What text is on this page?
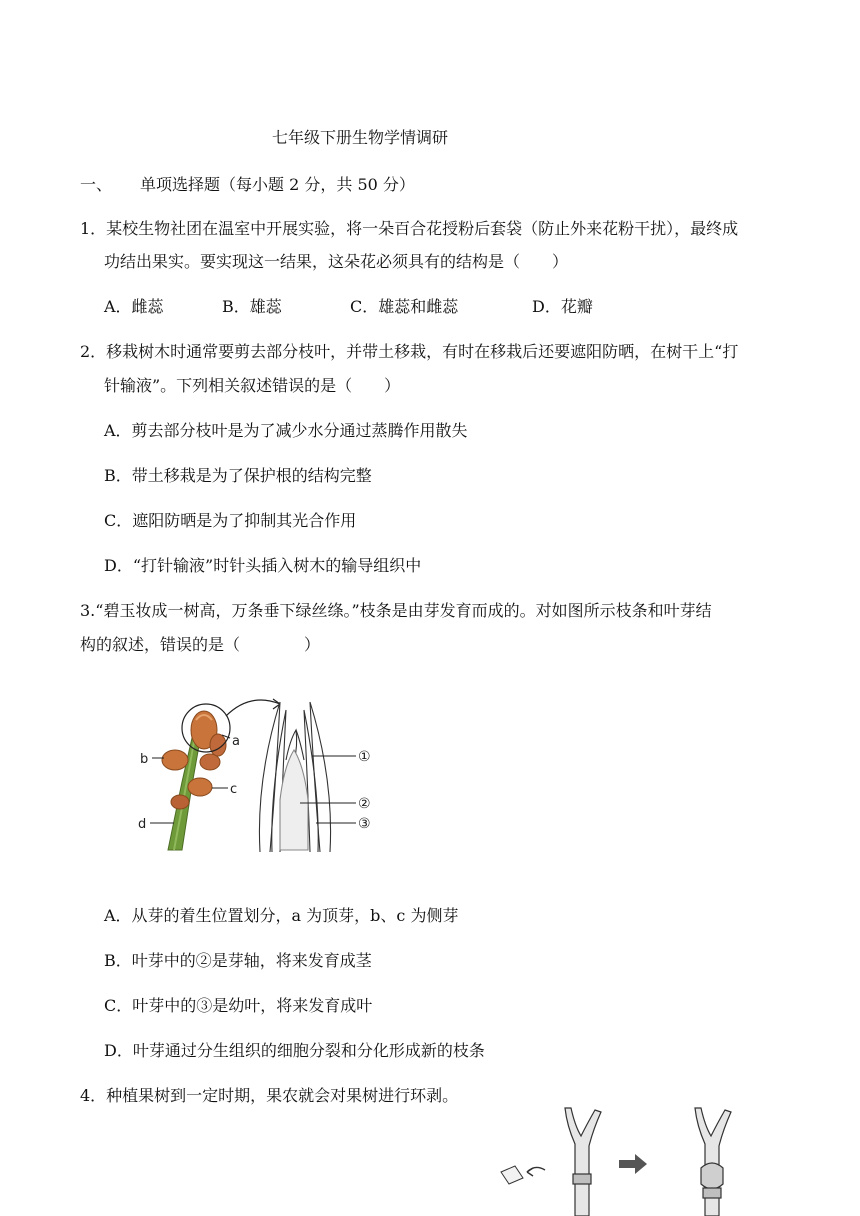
七年级下册生物学情调研
一、 单项选择题（每小题 2 分，共 50 分）
1．某校生物社团在温室中开展实验，将一朵百合花授粉后套袋（防止外来花粉干扰），最终成
功结出果实。要实现这一结果，这朵花必须具有的结构是（　　）
A．雌蕊	B．雄蕊	C．雄蕊和雌蕊	D．花瓣
2．移栽树木时通常要剪去部分枝叶，并带土移栽，有时在移栽后还要遮阳防晒，在树干上“打
针输液”。下列相关叙述错误的是（　　）
A．剪去部分枝叶是为了减少水分通过蒸腾作用散失
B．带土移栽是为了保护根的结构完整
C．遮阳防晒是为了抑制其光合作用
D．“打针输液”时针头插入树木的输导组织中
3.“碧玉妆成一树高，万条垂下绿丝绦。”枝条是由芽发育而成的。对如图所示枝条和叶芽结
构的叙述，错误的是（　　　　）
a
b
c
d
①
②
③
A．从芽的着生位置划分，a 为顶芽，b、c 为侧芽
B．叶芽中的②是芽轴，将来发育成茎
C．叶芽中的③是幼叶，将来发育成叶
D．叶芽通过分生组织的细胞分裂和分化形成新的枝条
4．种植果树到一定时期，果农就会对果树进行环剥。
